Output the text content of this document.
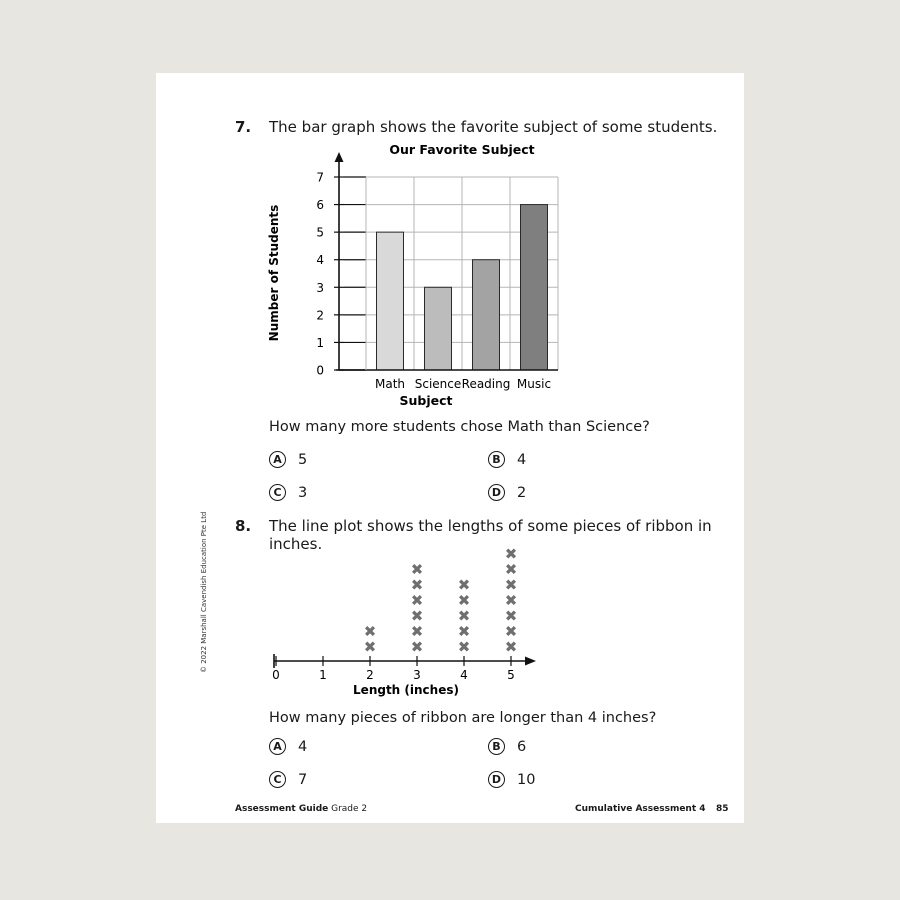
7. The bar graph shows the favorite subject of some students.
Math Science Reading Music
0
1
2
3
4
5
6
7
Our Favorite Subject
Subject
Number of Students
How many more students chose Math than Science?
A 5	B 4
C	3	D 2
8. The line plot shows the lengths of some pieces of ribbon in inches.
0	1	2	3	4	5
✖
✖
✖
✖
✖
✖
✖
✖
✖
✖
✖
✖
✖
✖
✖
✖
✖
✖
✖
✖
Length (inches)
How many pieces of ribbon are longer than 4 inches?
A 4	B 6
C	7	D 10
© 2022 Marshall Cavendish Education Pte Ltd
Assessment Guide Grade 2	Cumulative Assessment 4 85
